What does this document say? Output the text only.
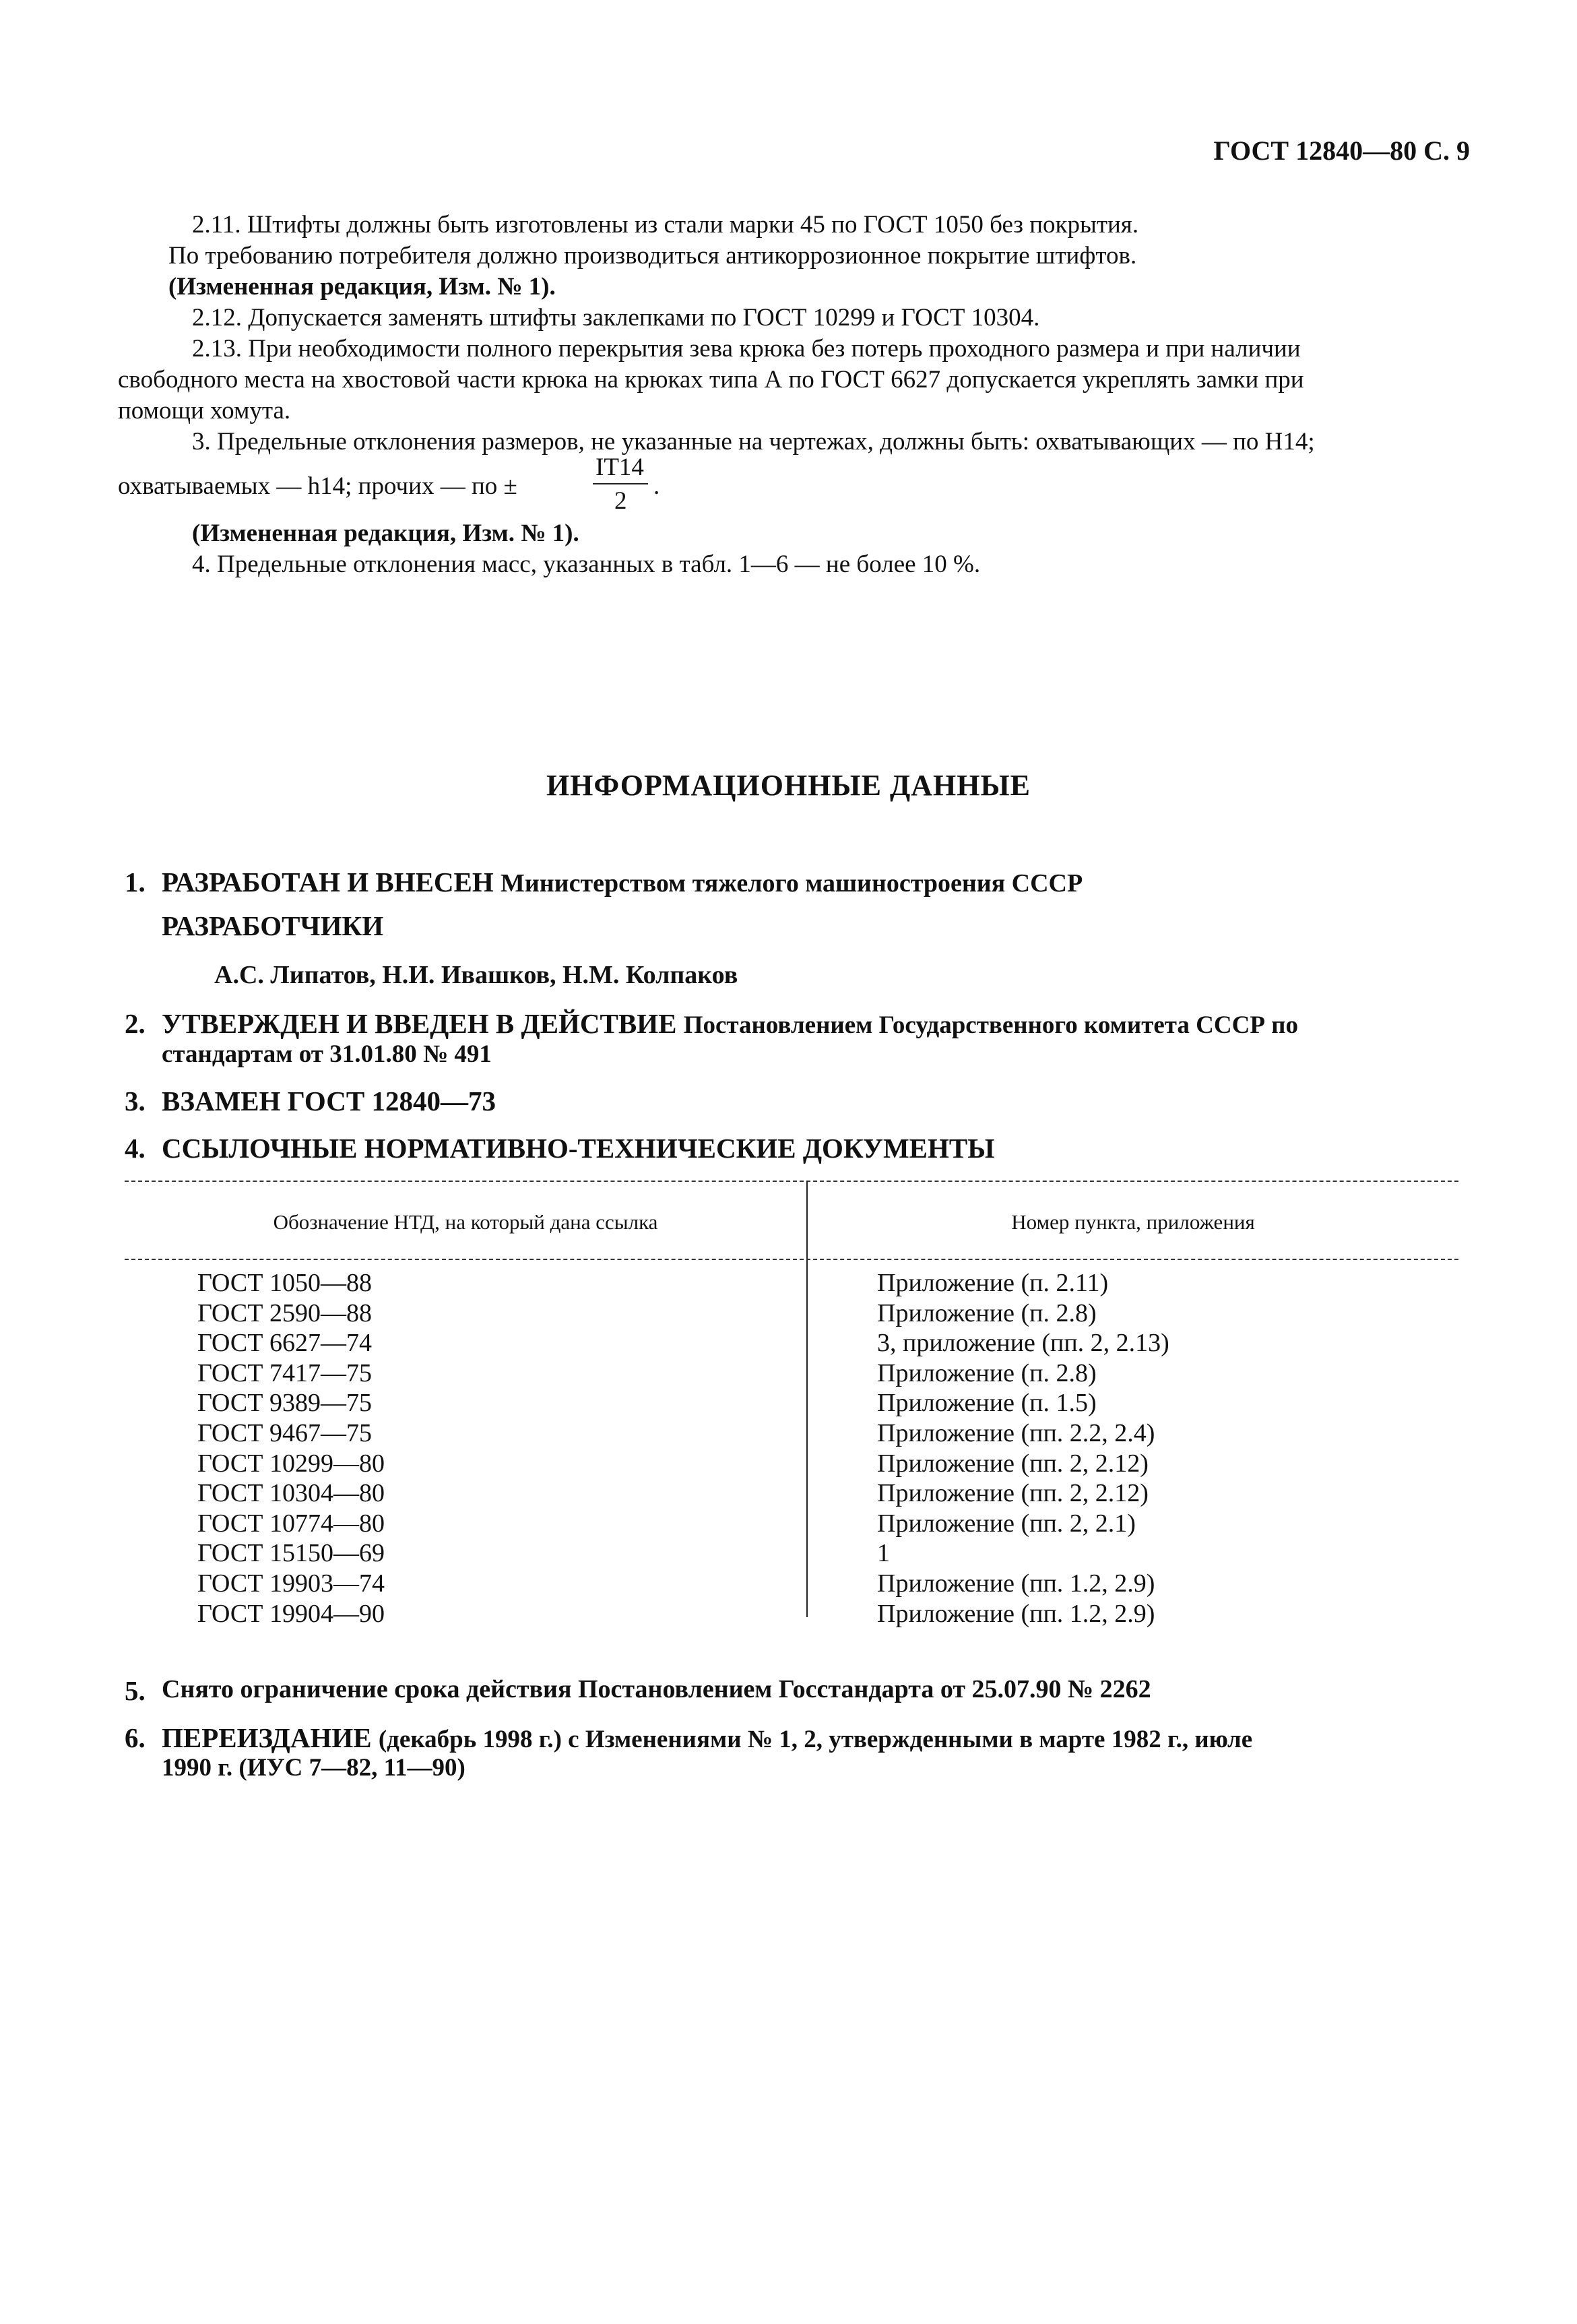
ГОСТ 12840—80 С. 9
2.11. Штифты должны быть изготовлены из стали марки 45 по ГОСТ 1050 без покрытия.
По требованию потребителя должно производиться антикоррозионное покрытие штифтов.
(Измененная редакция, Изм. № 1).
2.12. Допускается заменять штифты заклепками по ГОСТ 10299 и ГОСТ 10304.
2.13. При необходимости полного перекрытия зева крюка без потерь проходного размера и при наличии
свободного места на хвостовой части крюка на крюках типа А по ГОСТ 6627 допускается укреплять замки при
помощи хомута.
3. Предельные отклонения размеров, не указанные на чертежах, должны быть: охватывающих — по Н14;
охватываемых — h14; прочих — по ±
IT14
2
.
(Измененная редакция, Изм. № 1).
4. Предельные отклонения масс, указанных в табл. 1—6 — не более 10 %.
ИНФОРМАЦИОННЫЕ ДАННЫЕ
1. РАЗРАБОТАН И ВНЕСЕН Министерством тяжелого машиностроения СССР
РАЗРАБОТЧИКИ
А.С. Липатов, Н.И. Ивашков, Н.М. Колпаков
2. УТВЕРЖДЕН И ВВЕДЕН В ДЕЙСТВИЕ Постановлением Государственного комитета СССР по
стандартам от 31.01.80 № 491
3. ВЗАМЕН ГОСТ 12840—73
4. ССЫЛОЧНЫЕ НОРМАТИВНО-ТЕХНИЧЕСКИЕ ДОКУМЕНТЫ
Обозначение НТД, на который дана ссылка	Номер пункта, приложения
ГОСТ 1050—88
ГОСТ 2590—88
ГОСТ 6627—74
ГОСТ 7417—75
ГОСТ 9389—75
ГОСТ 9467—75
ГОСТ 10299—80
ГОСТ 10304—80
ГОСТ 10774—80
ГОСТ 15150—69
ГОСТ 19903—74
ГОСТ 19904—90
Приложение (п. 2.11)
Приложение (п. 2.8)
3, приложение (пп. 2, 2.13)
Приложение (п. 2.8)
Приложение (п. 1.5)
Приложение (пп. 2.2, 2.4)
Приложение (пп. 2, 2.12)
Приложение (пп. 2, 2.12)
Приложение (пп. 2, 2.1)
1
Приложение (пп. 1.2, 2.9)
Приложение (пп. 1.2, 2.9)
5. Снято ограничение срока действия Постановлением Госстандарта от 25.07.90 № 2262
6. ПЕРЕИЗДАНИЕ (декабрь 1998 г.) с Изменениями № 1, 2, утвержденными в марте 1982 г., июле
1990 г. (ИУС 7—82, 11—90)
